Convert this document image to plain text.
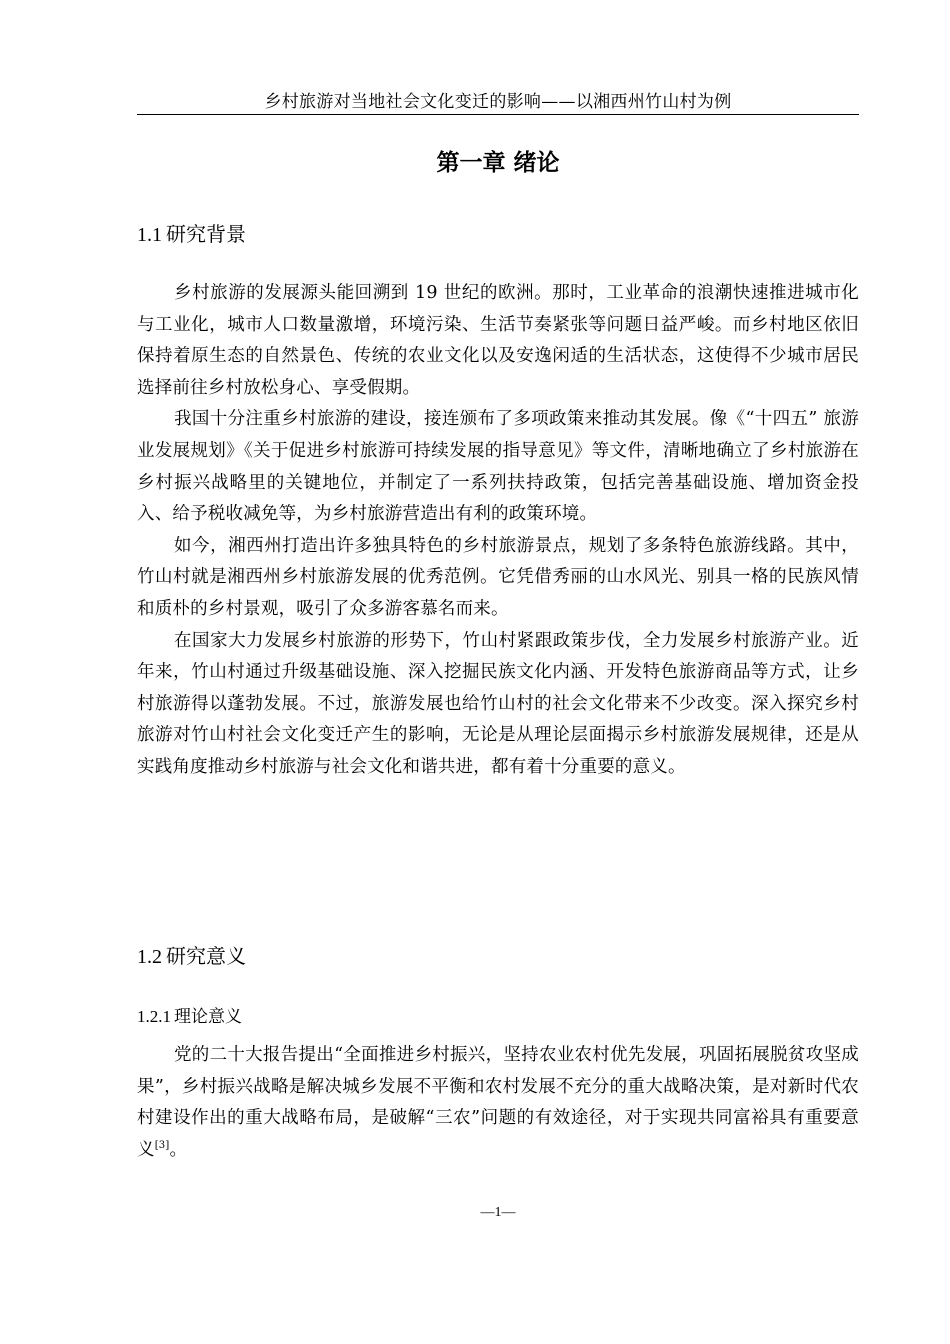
乡村旅游对当地社会文化变迁的影响——以湘西州竹山村为例
第一章 绪论
1.1 研究背景

乡村旅游的发展源头能回溯到 19 世纪的欧洲。那时，工业革命的浪潮快速推进城市化与工业化，城市人口数量激增，环境污染、生活节奏紧张等问题日益严峻。而乡村地区依旧保持着原生态的自然景色、传统的农业文化以及安逸闲适的生活状态，这使得不少城市居民选择前往乡村放松身心、享受假期。

我国十分注重乡村旅游的建设，接连颁布了多项政策来推动其发展。像《“十四五” 旅游业发展规划》《关于促进乡村旅游可持续发展的指导意见》等文件，清晰地确立了乡村旅游在乡村振兴战略里的关键地位，并制定了一系列扶持政策，包括完善基础设施、增加资金投入、给予税收减免等，为乡村旅游营造出有利的政策环境。

如今，湘西州打造出许多独具特色的乡村旅游景点，规划了多条特色旅游线路。其中，竹山村就是湘西州乡村旅游发展的优秀范例。它凭借秀丽的山水风光、别具一格的民族风情和质朴的乡村景观，吸引了众多游客慕名而来。

在国家大力发展乡村旅游的形势下，竹山村紧跟政策步伐，全力发展乡村旅游产业。近年来，竹山村通过升级基础设施、深入挖掘民族文化内涵、开发特色旅游商品等方式，让乡村旅游得以蓬勃发展。不过，旅游发展也给竹山村的社会文化带来不少改变。深入探究乡村旅游对竹山村社会文化变迁产生的影响，无论是从理论层面揭示乡村旅游发展规律，还是从实践角度推动乡村旅游与社会文化和谐共进，都有着十分重要的意义。

1.2 研究意义
1.2.1 理论意义

党的二十大报告提出“全面推进乡村振兴，坚持农业农村优先发展，巩固拓展脱贫攻坚成果”，乡村振兴战略是解决城乡发展不平衡和农村发展不充分的重大战略决策，是对新时代农村建设作出的重大战略布局，是破解“三农”问题的有效途径，对于实现共同富裕具有重要意义[3]。

—1—
